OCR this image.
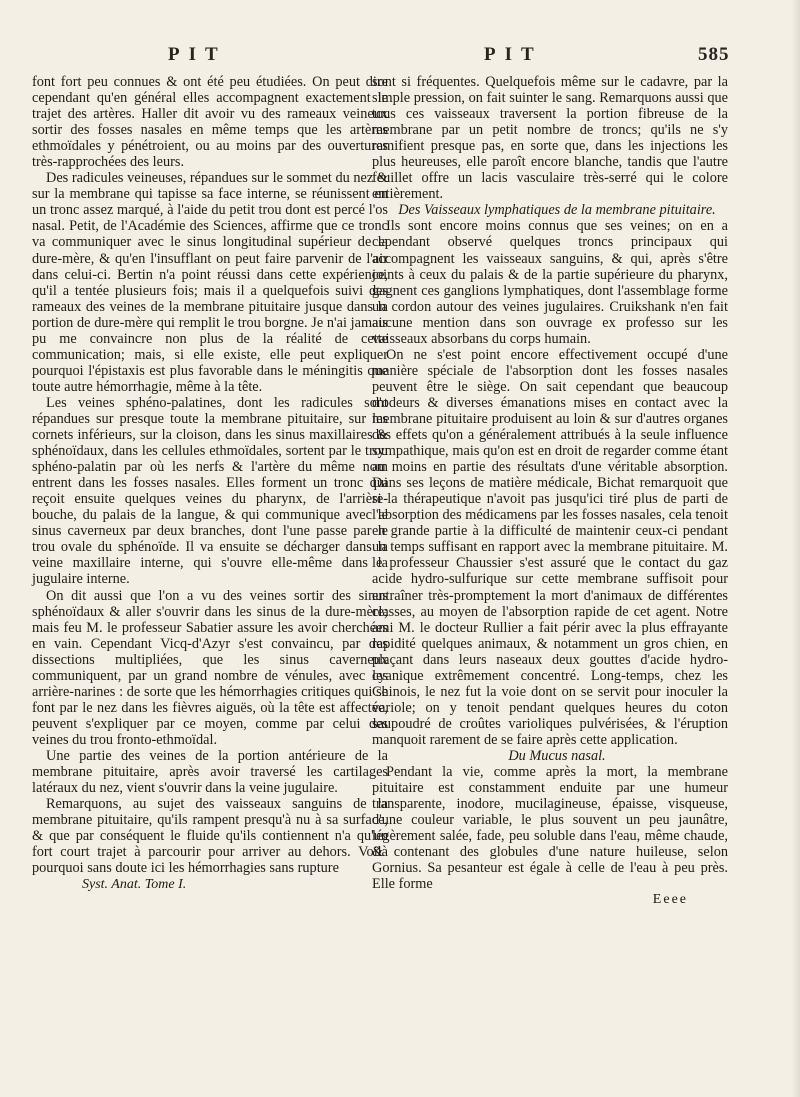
PIT	PIT	585

font fort peu connues & ont été peu étudiées. On peut dire cependant qu'en général elles accompagnent exactement le trajet des artères. Haller dit avoir vu des rameaux veineux sortir des fosses nasales en même temps que les artères ethmoïdales y pénétroient, ou au moins par des ouvertures très-rapprochées des leurs.

Des radicules veineuses, répandues sur le sommet du nez & sur la membrane qui tapisse sa face interne, se réunissent en un tronc assez marqué, à l'aide du petit trou dont est percé l'os nasal. Petit, de l'Académie des Sciences, affirme que ce tronc va communiquer avec le sinus longitudinal supérieur de la dure-mère, & qu'en l'insufflant on peut faire parvenir de l'air dans celui-ci. Bertin n'a point réussi dans cette expérience, qu'il a tentée plusieurs fois; mais il a quelquefois suivi des rameaux des veines de la membrane pituitaire jusque dans la portion de dure-mère qui remplit le trou borgne. Je n'ai jamais pu me convaincre non plus de la réalité de cette communication; mais, si elle existe, elle peut expliquer pourquoi l'épistaxis est plus favorable dans le méningitis que toute autre hémorrhagie, même à la tête.

Les veines sphéno-palatines, dont les radicules sont répandues sur presque toute la membrane pituitaire, sur les cornets inférieurs, sur la cloison, dans les sinus maxillaires & sphénoïdaux, dans les cellules ethmoïdales, sortent par le trou sphéno-palatin par où les nerfs & l'artère du même nom entrent dans les fosses nasales. Elles forment un tronc qui reçoit ensuite quelques veines du pharynx, de l'arrière-bouche, du palais de la langue, & qui communique avec le sinus caverneux par deux branches, dont l'une passe par le trou ovale du sphénoïde. Il va ensuite se décharger dans la veine maxillaire interne, qui s'ouvre elle-même dans la jugulaire interne.

On dit aussi que l'on a vu des veines sortir des sinus sphénoïdaux & aller s'ouvrir dans les sinus de la dure-mère; mais feu M. le professeur Sabatier assure les avoir cherchées en vain. Cependant Vicq-d'Azyr s'est convaincu, par des dissections multipliées, que les sinus caverneux communiquent, par un grand nombre de vénules, avec les arrière-narines : de sorte que les hémorrhagies critiques qui se font par le nez dans les fièvres aiguës, où la tête est affectée, peuvent s'expliquer par ce moyen, comme par celui des veines du trou fronto-ethmoïdal.

Une partie des veines de la portion antérieure de la membrane pituitaire, après avoir traversé les cartilages latéraux du nez, vient s'ouvrir dans la veine jugulaire.

Remarquons, au sujet des vaisseaux sanguins de la membrane pituitaire, qu'ils rampent presqu'à nu à sa surface, & que par conséquent le fluide qu'ils contiennent n'a qu'un fort court trajet à parcourir pour arriver au dehors. Voilà pourquoi sans doute ici les hémorrhagies sans rupture

Syst. Anat. Tome I.

sont si fréquentes. Quelquefois même sur le cadavre, par la simple pression, on fait suinter le sang. Remarquons aussi que tous ces vaisseaux traversent la portion fibreuse de la membrane par un petit nombre de troncs; qu'ils ne s'y ramifient presque pas, en sorte que, dans les injections les plus heureuses, elle paroît encore blanche, tandis que l'autre feuillet offre un lacis vasculaire très-serré qui le colore entièrement.

Des Vaisseaux lymphatiques de la membrane pituitaire.

Ils sont encore moins connus que ses veines; on en a cependant observé quelques troncs principaux qui accompagnent les vaisseaux sanguins, & qui, après s'être joints à ceux du palais & de la partie supérieure du pharynx, gagnent ces ganglions lymphatiques, dont l'assemblage forme un cordon autour des veines jugulaires. Cruikshank n'en fait aucune mention dans son ouvrage ex professo sur les vaisseaux absorbans du corps humain.

On ne s'est point encore effectivement occupé d'une manière spéciale de l'absorption dont les fosses nasales peuvent être le siège. On sait cependant que beaucoup d'odeurs & diverses émanations mises en contact avec la membrane pituitaire produisent au loin & sur d'autres organes des effets qu'on a généralement attribués à la seule influence sympathique, mais qu'on est en droit de regarder comme étant au moins en partie des résultats d'une véritable absorption. Dans ses leçons de matière médicale, Bichat remarquoit que si la thérapeutique n'avoit pas jusqu'ici tiré plus de parti de l'absorption des médicamens par les fosses nasales, cela tenoit en grande partie à la difficulté de maintenir ceux-ci pendant un temps suffisant en rapport avec la membrane pituitaire. M. le professeur Chaussier s'est assuré que le contact du gaz acide hydro-sulfurique sur cette membrane suffisoit pour entraîner très-promptement la mort d'animaux de différentes classes, au moyen de l'absorption rapide de cet agent. Notre ami M. le docteur Rullier a fait périr avec la plus effrayante rapidité quelques animaux, & notamment un gros chien, en plaçant dans leurs naseaux deux gouttes d'acide hydro-cyanique extrêmement concentré. Long-temps, chez les Chinois, le nez fut la voie dont on se servit pour inoculer la variole; on y tenoit pendant quelques heures du coton saupoudré de croûtes varioliques pulvérisées, & l'éruption manquoit rarement de se faire après cette application.

Du Mucus nasal.

Pendant la vie, comme après la mort, la membrane pituitaire est constamment enduite par une humeur transparente, inodore, mucilagineuse, épaisse, visqueuse, d'une couleur variable, le plus souvent un peu jaunâtre, légèrement salée, fade, peu soluble dans l'eau, même chaude, & contenant des globules d'une nature huileuse, selon Gornius. Sa pesanteur est égale à celle de l'eau à peu près. Elle forme

Eeee
